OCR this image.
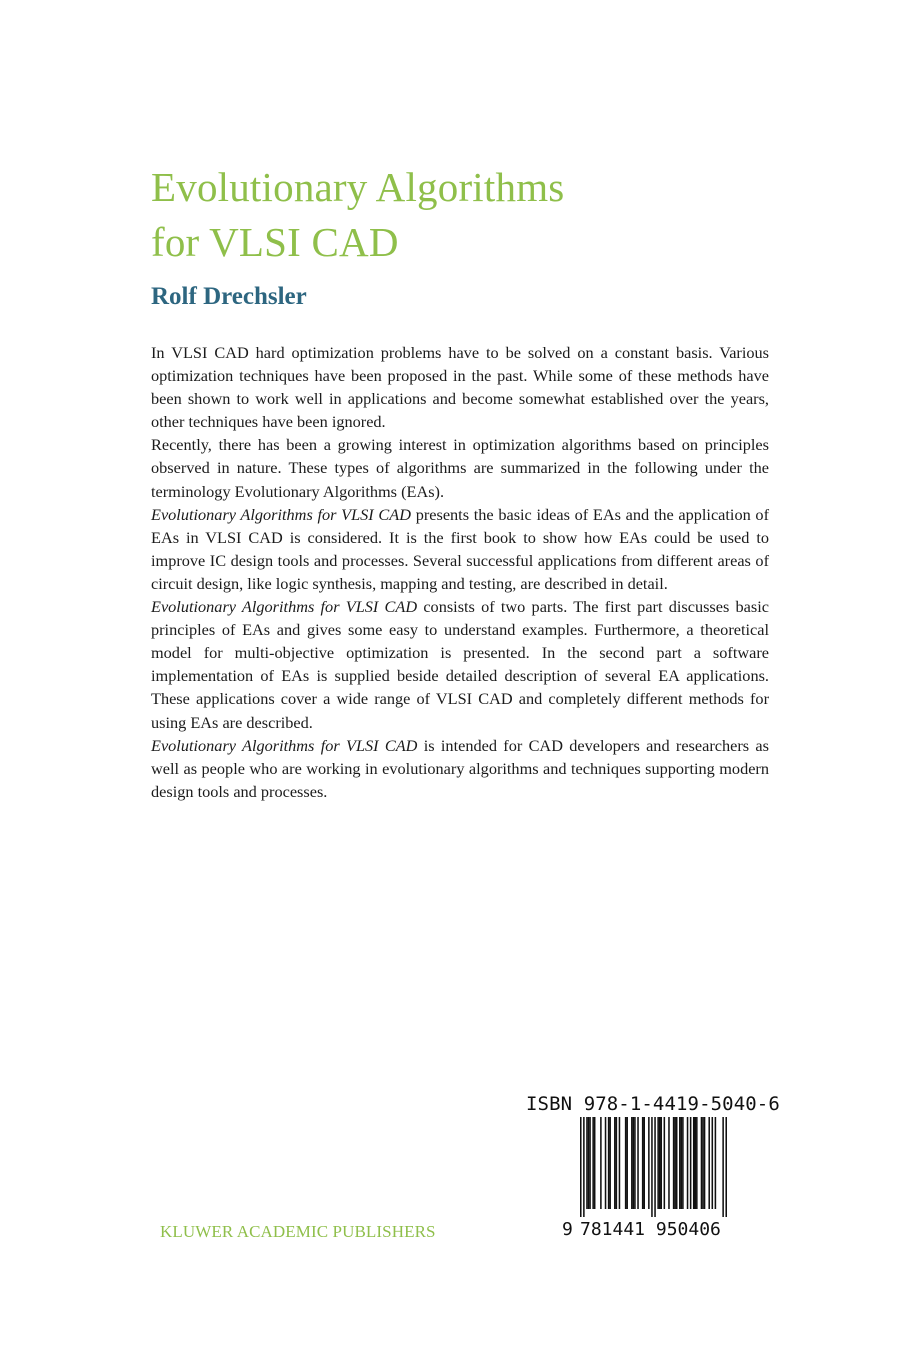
Evolutionary Algorithms
for VLSI CAD
Rolf Drechsler

In VLSI CAD hard optimization problems have to be solved on a constant basis. Various optimization techniques have been proposed in the past. While some of these methods have been shown to work well in applications and become somewhat established over the years, other techniques have been ignored.

Recently, there has been a growing interest in optimization algorithms based on principles observed in nature. These types of algorithms are summarized in the following under the terminology Evolutionary Algorithms (EAs).

Evolutionary Algorithms for VLSI CAD presents the basic ideas of EAs and the application of EAs in VLSI CAD is considered. It is the first book to show how EAs could be used to improve IC design tools and processes. Several successful applications from different areas of circuit design, like logic synthesis, mapping and testing, are described in detail.

Evolutionary Algorithms for VLSI CAD consists of two parts. The first part discusses basic principles of EAs and gives some easy to understand examples. Furthermore, a theoretical model for multi-objective optimization is presented. In the second part a software implementation of EAs is supplied beside detailed description of several EA applications. These applications cover a wide range of VLSI CAD and completely different methods for using EAs are described.

Evolutionary Algorithms for VLSI CAD is intended for CAD developers and researchers as well as people who are working in evolutionary algorithms and techniques supporting modern design tools and processes.

ISBN 978-1-4419-5040-6
9 781441 950406
KLUWER ACADEMIC PUBLISHERS
